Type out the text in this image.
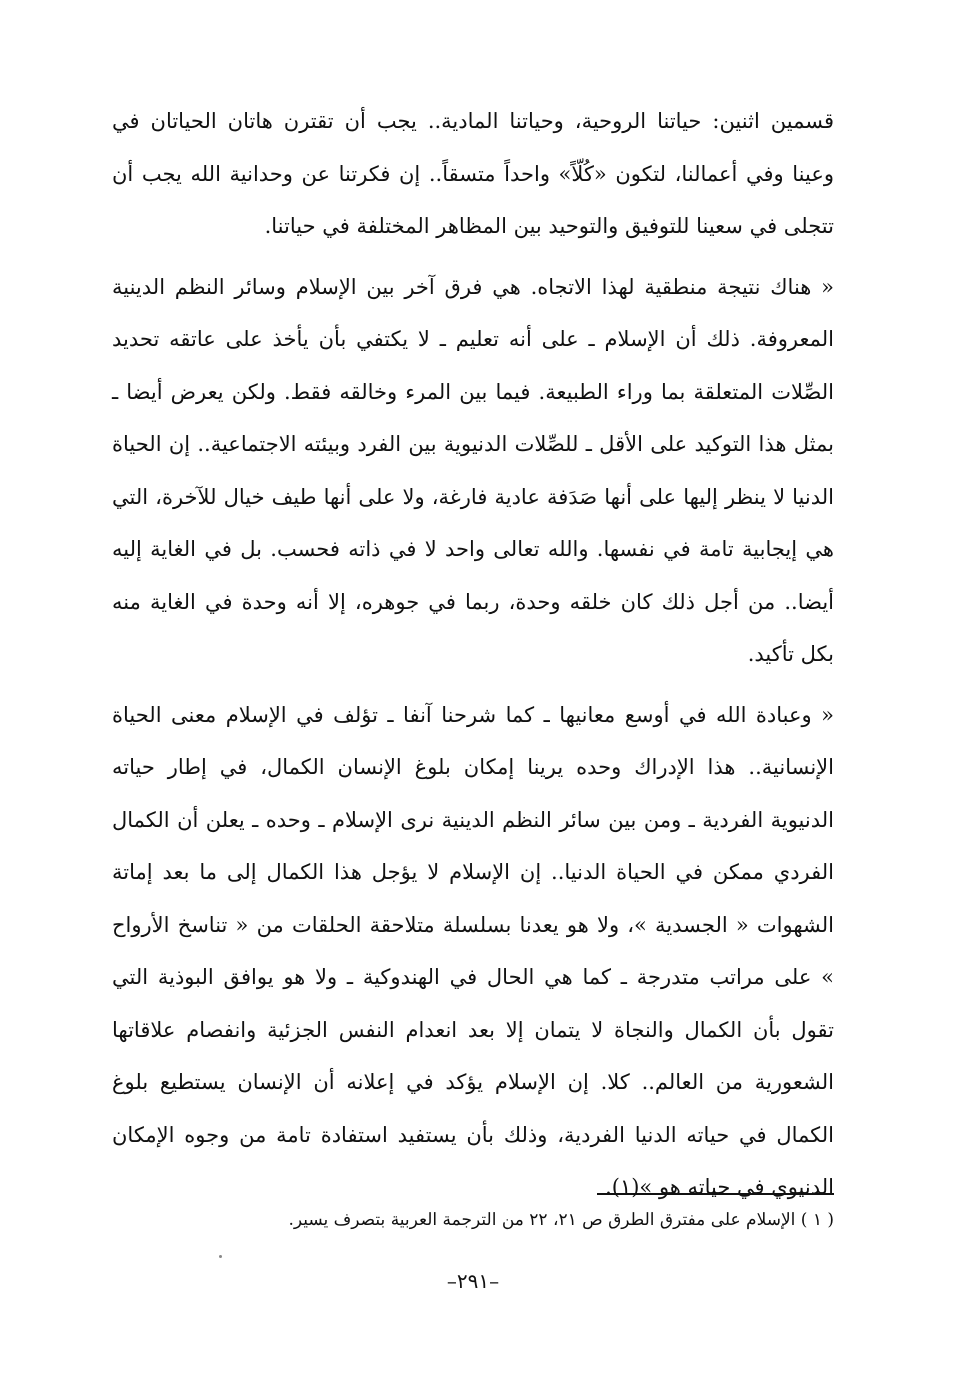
قسمين اثنين: حياتنا الروحية، وحياتنا المادية.. يجب أن تقترن هاتان الحياتان في وعينا وفي أعمالنا، لتكون «كُلّاً» واحداً متسقاً.. إن فكرتنا عن وحدانية الله يجب أن تتجلى في سعينا للتوفيق والتوحيد بين المظاهر المختلفة في حياتنا.

« هناك نتيجة منطقية لهذا الاتجاه. هي فرق آخر بين الإسلام وسائر النظم الدينية المعروفة. ذلك أن الإسلام ـ على أنه تعليم ـ لا يكتفي بأن يأخذ على عاتقه تحديد الصِّلات المتعلقة بما وراء الطبيعة. فيما بين المرء وخالقه فقط. ولكن يعرض أيضا ـ بمثل هذا التوكيد على الأقل ـ للصِّلات الدنيوية بين الفرد وبيئته الاجتماعية.. إن الحياة الدنيا لا ينظر إليها على أنها صَدَفة عادية فارغة، ولا على أنها طيف خيال للآخرة، التي هي إيجابية تامة في نفسها. والله تعالى واحد لا في ذاته فحسب. بل في الغاية إليه أيضا.. من أجل ذلك كان خلقه وحدة، ربما في جوهره، إلا أنه وحدة في الغاية منه بكل تأكيد.

« وعبادة الله في أوسع معانيها ـ كما شرحنا آنفا ـ تؤلف في الإسلام معنى الحياة الإنسانية.. هذا الإدراك وحده يرينا إمكان بلوغ الإنسان الكمال، في إطار حياته الدنيوية الفردية ـ ومن بين سائر النظم الدينية نرى الإسلام ـ وحده ـ يعلن أن الكمال الفردي ممكن في الحياة الدنيا.. إن الإسلام لا يؤجل هذا الكمال إلى ما بعد إماتة الشهوات « الجسدية »، ولا هو يعدنا بسلسلة متلاحقة الحلقات من « تناسخ الأرواح » على مراتب متدرجة ـ كما هي الحال في الهندوكية ـ ولا هو يوافق البوذية التي تقول بأن الكمال والنجاة لا يتمان إلا بعد انعدام النفس الجزئية وانفصام علاقاتها الشعورية من العالم.. كلا. إن الإسلام يؤكد في إعلانه أن الإنسان يستطيع بلوغ الكمال في حياته الدنيا الفردية، وذلك بأن يستفيد استفادة تامة من وجوه الإمكان الدنيوي في حياته هو »(١).

( ١ ) الإسلام على مفترق الطرق ص ٢١، ٢٢ من الترجمة العربية بتصرف يسير.

–٢٩١–
